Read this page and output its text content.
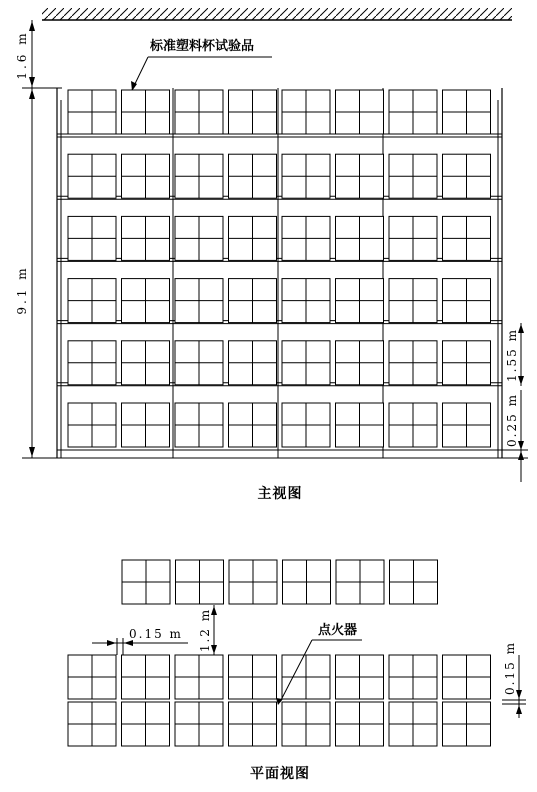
1.6 m	标准塑料杯试验品
9.1 m
1.55 m
0.25 m
主视图
1.2 m
0.15 m	点火器
0.15 m
平面视图
